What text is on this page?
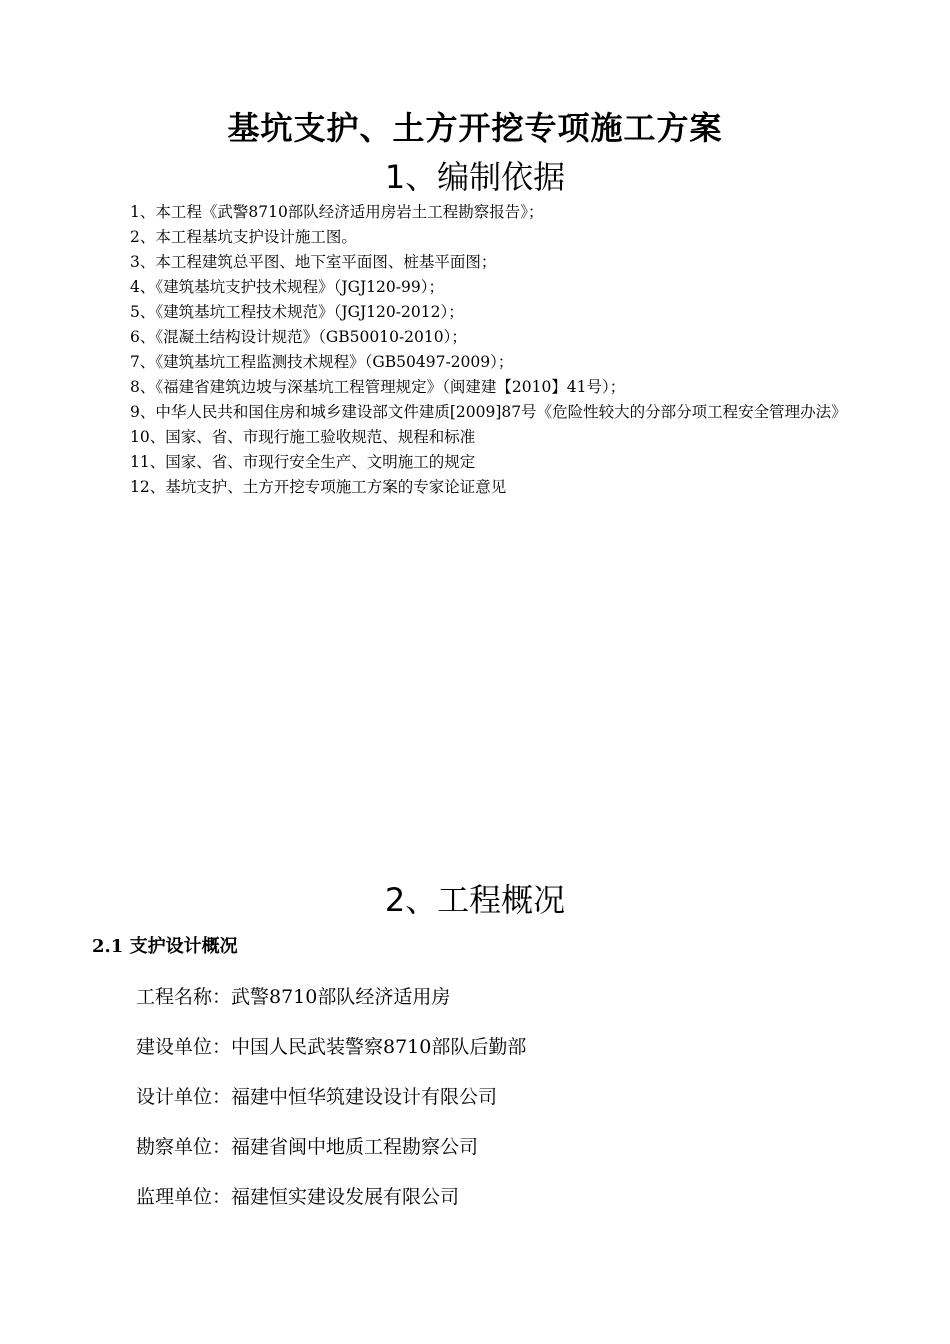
基坑支护、土方开挖专项施工方案
1、编制依据
1、本工程《武警8710部队经济适用房岩土工程勘察报告》；
2、本工程基坑支护设计施工图。
3、本工程建筑总平图、地下室平面图、桩基平面图；
4、《建筑基坑支护技术规程》（JGJ120-99）；
5、《建筑基坑工程技术规范》（JGJ120-2012）；
6、《混凝土结构设计规范》（GB50010-2010）；
7、《建筑基坑工程监测技术规程》（GB50497-2009）；
8、《福建省建筑边坡与深基坑工程管理规定》（闽建建【2010】41号）；
9、中华人民共和国住房和城乡建设部文件建质[2009]87号《危险性较大的分部分项工程安全管理办法》
10、国家、省、市现行施工验收规范、规程和标准
11、国家、省、市现行安全生产、文明施工的规定
12、基坑支护、土方开挖专项施工方案的专家论证意见
2、工程概况
2.1 支护设计概况
工程名称：武警8710部队经济适用房
建设单位：中国人民武装警察8710部队后勤部
设计单位：福建中恒华筑建设设计有限公司
勘察单位：福建省闽中地质工程勘察公司
监理单位：福建恒实建设发展有限公司
